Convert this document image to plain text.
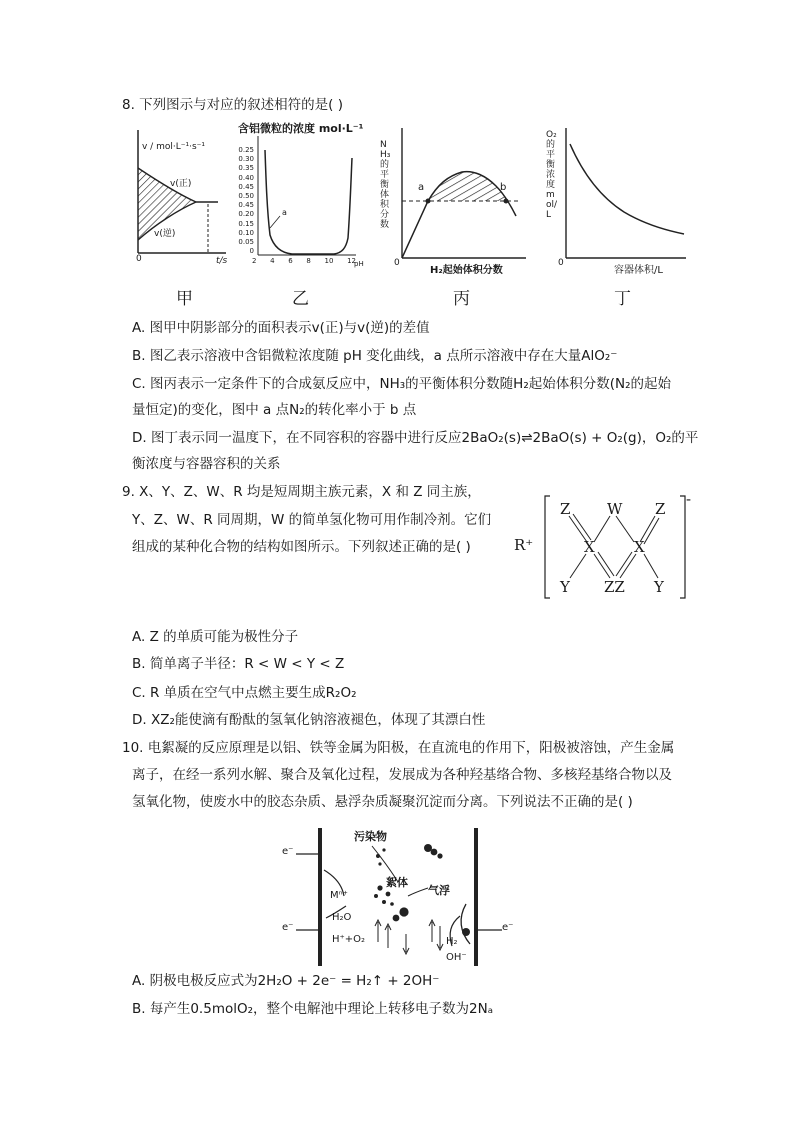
8. 下列图示与对应的叙述相符的是( )
v / mol·L⁻¹·s⁻¹
v(正)
v(逆)
0	t/s
甲
含铝微粒的浓度 mol·L⁻¹
0.25
0.30
0.35
0.40
0.45
0.50
0.45
0.20
0.15
0.10
0.05
0
2 4 6 8 10 12
pH
a
乙
NH₃的平衡体积分数
a	b
0
H₂起始体积分数
丙
O₂的平衡浓度 mol/L
0
容器体积/L
丁
A. 图甲中阴影部分的面积表示v(正)与v(逆)的差值
B. 图乙表示溶液中含铝微粒浓度随 pH 变化曲线，a 点所示溶液中存在大量AlO₂⁻
C. 图丙表示一定条件下的合成氨反应中，NH₃的平衡体积分数随H₂起始体积分数(N₂的起始
量恒定)的变化，图中 a 点N₂的转化率小于 b 点
D. 图丁表示同一温度下，在不同容积的容器中进行反应2BaO₂(s)⇌2BaO(s) + O₂(g)，O₂的平
衡浓度与容器容积的关系
9. X、Y、Z、W、R 均是短周期主族元素，X 和 Z 同主族，
Y、Z、W、R 同周期，W 的简单氢化物可用作制冷剂。它们
组成的某种化合物的结构如图所示。下列叙述正确的是( )	R⁺
-
Z W Z
X	X
Y ZZ Y
A. Z 的单质可能为极性分子
B. 简单离子半径：R < W < Y < Z
C. R 单质在空气中点燃主要生成R₂O₂
D. XZ₂能使滴有酚酞的氢氧化钠溶液褪色，体现了其漂白性
10. 电絮凝的反应原理是以铝、铁等金属为阳极，在直流电的作用下，阳极被溶蚀，产生金属
离子，在经一系列水解、聚合及氧化过程，发展成为各种羟基络合物、多核羟基络合物以及
氢氧化物，使废水中的胶态杂质、悬浮杂质凝聚沉淀而分离。下列说法不正确的是( )
e⁻
e⁻	e⁻
污染物
絮体
气浮
Mⁿ⁺
H₂O
H⁺+O₂	H₂
OH⁻
A. 阴极电极反应式为2H₂O + 2e⁻ = H₂↑ + 2OH⁻
B. 每产生0.5molO₂，整个电解池中理论上转移电子数为2Nₐ
